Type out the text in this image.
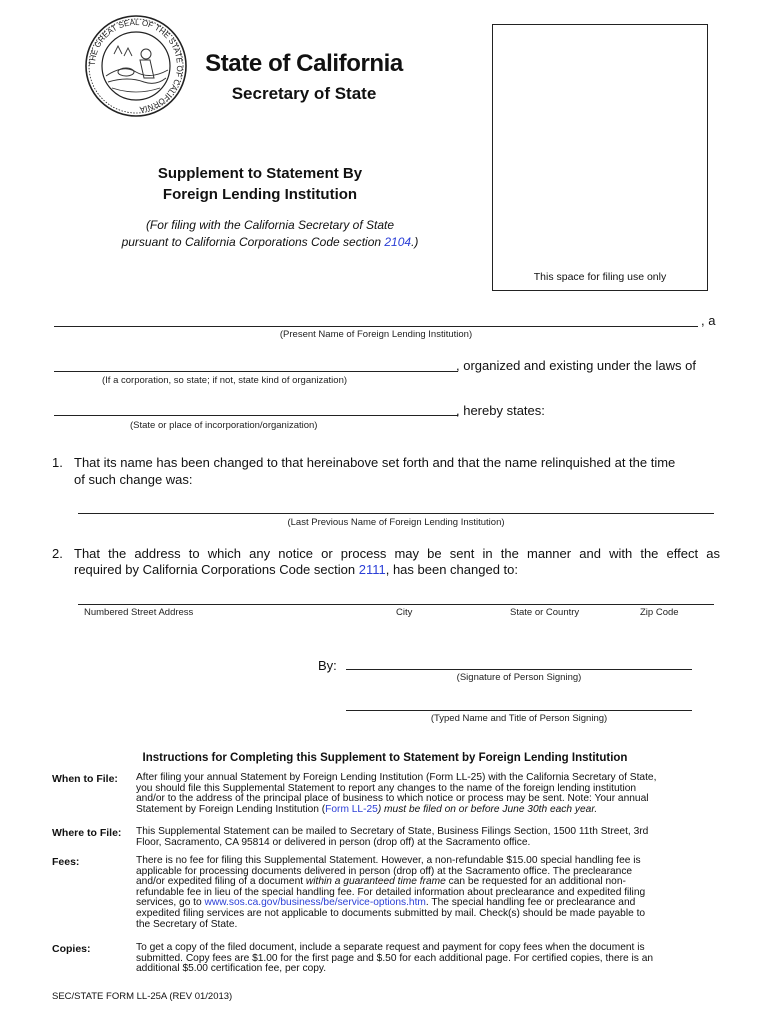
THE GREAT SEAL OF THE STATE OF CALIFORNIA
State of California
Secretary of State
Supplement to Statement By
Foreign Lending Institution
(For filing with the California Secretary of State
pursuant to California Corporations Code section 2104.)
This space for filing use only
, a
(Present Name of Foreign Lending Institution)
, organized and existing under the laws of
(If a corporation, so state; if not, state kind of organization)
, hereby states:
(State or place of incorporation/organization)
1. That its name has been changed to that hereinabove set forth and that the name relinquished at the time
of such change was:
(Last Previous Name of Foreign Lending Institution)
2. That the address to which any notice or process may be sent in the manner and with the effect as
required by California Corporations Code section 2111, has been changed to:
Numbered Street Address	City	State or Country	Zip Code
By:
(Signature of Person Signing)
(Typed Name and Title of Person Signing)
Instructions for Completing this Supplement to Statement by Foreign Lending Institution
When to File: After filing your annual Statement by Foreign Lending Institution (Form LL-25) with the California Secretary of State,
you should file this Supplemental Statement to report any changes to the name of the foreign lending institution
and/or to the address of the principal place of business to which notice or process may be sent. Note: Your annual
Statement by Foreign Lending Institution (Form LL-25) must be filed on or before June 30th each year.
Where to File: This Supplemental Statement can be mailed to Secretary of State, Business Filings Section, 1500 11th Street, 3rd
Floor, Sacramento, CA 95814 or delivered in person (drop off) at the Sacramento office.
Fees:	There is no fee for filing this Supplemental Statement. However, a non-refundable $15.00 special handling fee is
applicable for processing documents delivered in person (drop off) at the Sacramento office. The preclearance
and/or expedited filing of a document within a guaranteed time frame can be requested for an additional non-
refundable fee in lieu of the special handling fee. For detailed information about preclearance and expedited filing
services, go to www.sos.ca.gov/business/be/service-options.htm. The special handling fee or preclearance and
expedited filing services are not applicable to documents submitted by mail. Check(s) should be made payable to
the Secretary of State.
Copies:	To get a copy of the filed document, include a separate request and payment for copy fees when the document is
submitted. Copy fees are $1.00 for the first page and $.50 for each additional page. For certified copies, there is an
additional $5.00 certification fee, per copy.
SEC/STATE FORM LL-25A (REV 01/2013)
